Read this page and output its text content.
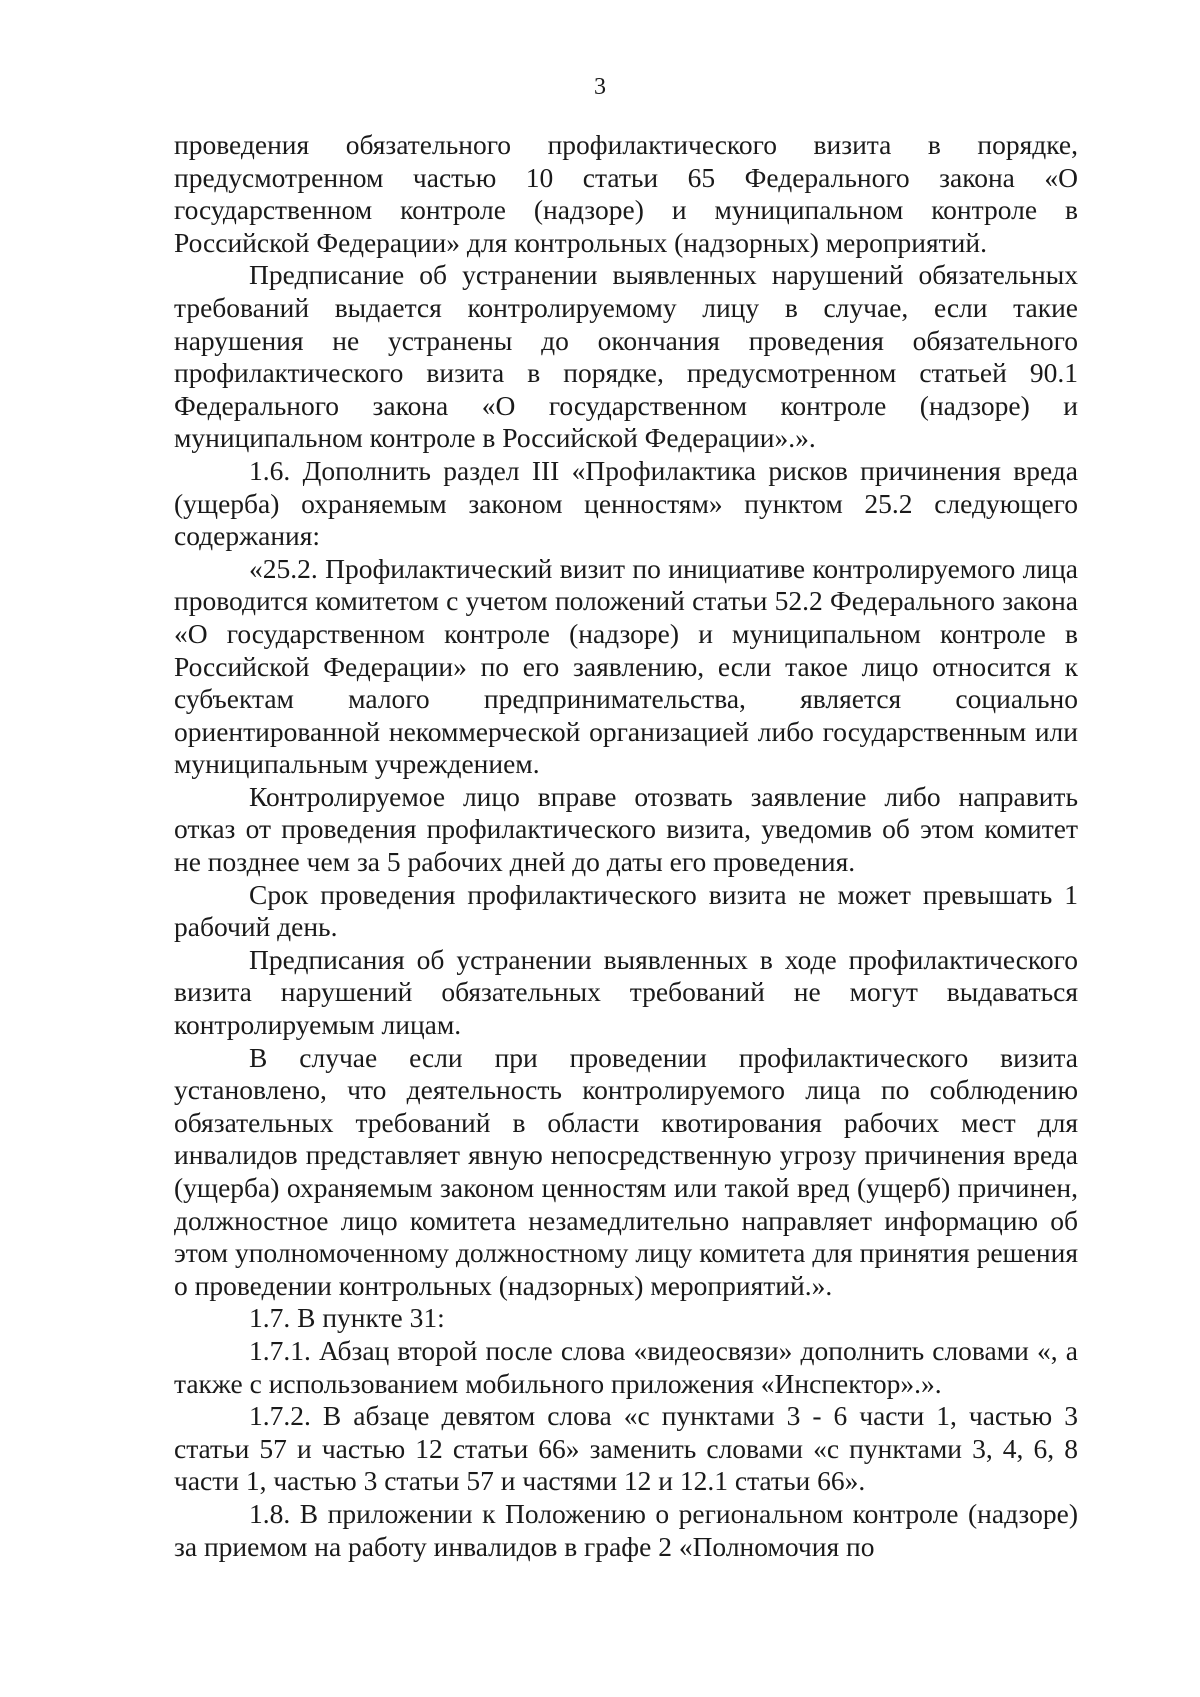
3

проведения обязательного профилактического визита в порядке, предусмотренном частью 10 статьи 65 Федерального закона «О государственном контроле (надзоре) и муниципальном контроле в Российской Федерации» для контрольных (надзорных) мероприятий.

Предписание об устранении выявленных нарушений обязательных требований выдается контролируемому лицу в случае, если такие нарушения не устранены до окончания проведения обязательного профилактического визита в порядке, предусмотренном статьей 90.1 Федерального закона «О государственном контроле (надзоре) и муниципальном контроле в Российской Федерации».».

1.6. Дополнить раздел III «Профилактика рисков причинения вреда (ущерба) охраняемым законом ценностям» пунктом 25.2 следующего содержания:

«25.2. Профилактический визит по инициативе контролируемого лица проводится комитетом с учетом положений статьи 52.2 Федерального закона «О государственном контроле (надзоре) и муниципальном контроле в Российской Федерации» по его заявлению, если такое лицо относится к субъектам малого предпринимательства, является социально ориентированной некоммерческой организацией либо государственным или муниципальным учреждением.

Контролируемое лицо вправе отозвать заявление либо направить отказ от проведения профилактического визита, уведомив об этом комитет не позднее чем за 5 рабочих дней до даты его проведения.

Срок проведения профилактического визита не может превышать 1 рабочий день.

Предписания об устранении выявленных в ходе профилактического визита нарушений обязательных требований не могут выдаваться контролируемым лицам.

В случае если при проведении профилактического визита установлено, что деятельность контролируемого лица по соблюдению обязательных требований в области квотирования рабочих мест для инвалидов представляет явную непосредственную угрозу причинения вреда (ущерба) охраняемым законом ценностям или такой вред (ущерб) причинен, должностное лицо комитета незамедлительно направляет информацию об этом уполномоченному должностному лицу комитета для принятия решения о проведении контрольных (надзорных) мероприятий.».

1.7. В пункте 31:

1.7.1. Абзац второй после слова «видеосвязи» дополнить словами «, а также с использованием мобильного приложения «Инспектор».».

1.7.2. В абзаце девятом слова «с пунктами 3 - 6 части 1, частью 3 статьи 57 и частью 12 статьи 66» заменить словами «с пунктами 3, 4, 6, 8 части 1, частью 3 статьи 57 и частями 12 и 12.1 статьи 66».

1.8. В приложении к Положению о региональном контроле (надзоре) за приемом на работу инвалидов в графе 2 «Полномочия по
